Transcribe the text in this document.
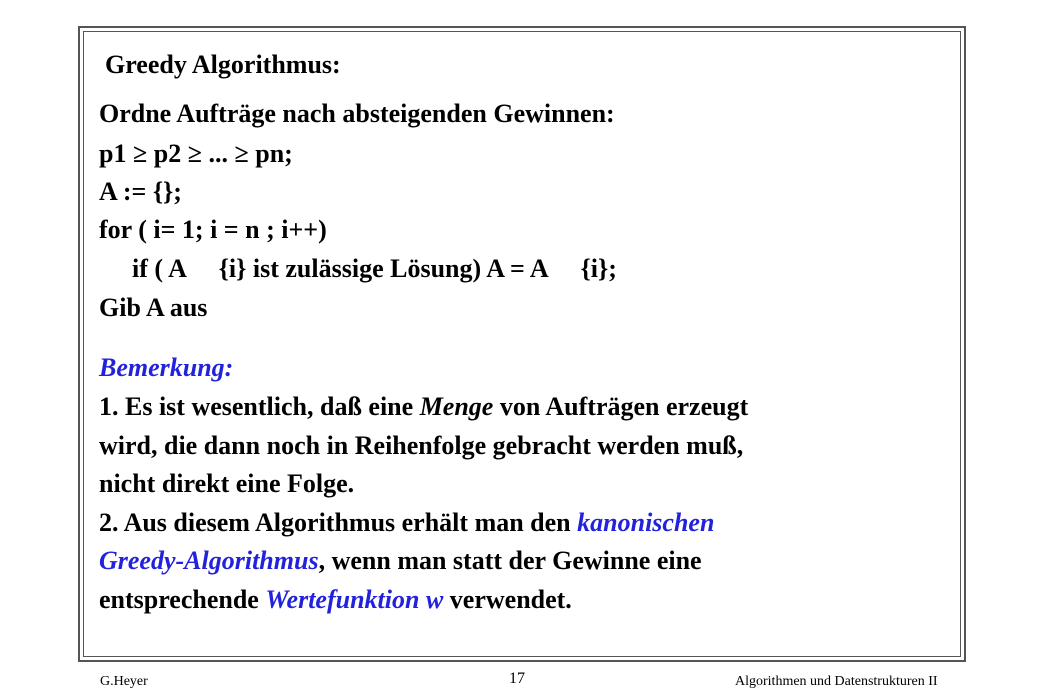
Greedy Algorithmus:
Ordne Aufträge nach absteigenden Gewinnen:
p1 ≥ p2 ≥ ... ≥ pn;
A := {};
for ( i= 1; i = n ; i++)
if ( A {i} ist zulässige Lösung) A = A {i};
Gib A aus
Bemerkung:
1. Es ist wesentlich, daß eine Menge von Aufträgen erzeugt
wird, die dann noch in Reihenfolge gebracht werden muß,
nicht direkt eine Folge.
2. Aus diesem Algorithmus erhält man den kanonischen
Greedy-Algorithmus, wenn man statt der Gewinne eine
entsprechende Wertefunktion w verwendet.
G.Heyer	17	Algorithmen und Datenstrukturen II
